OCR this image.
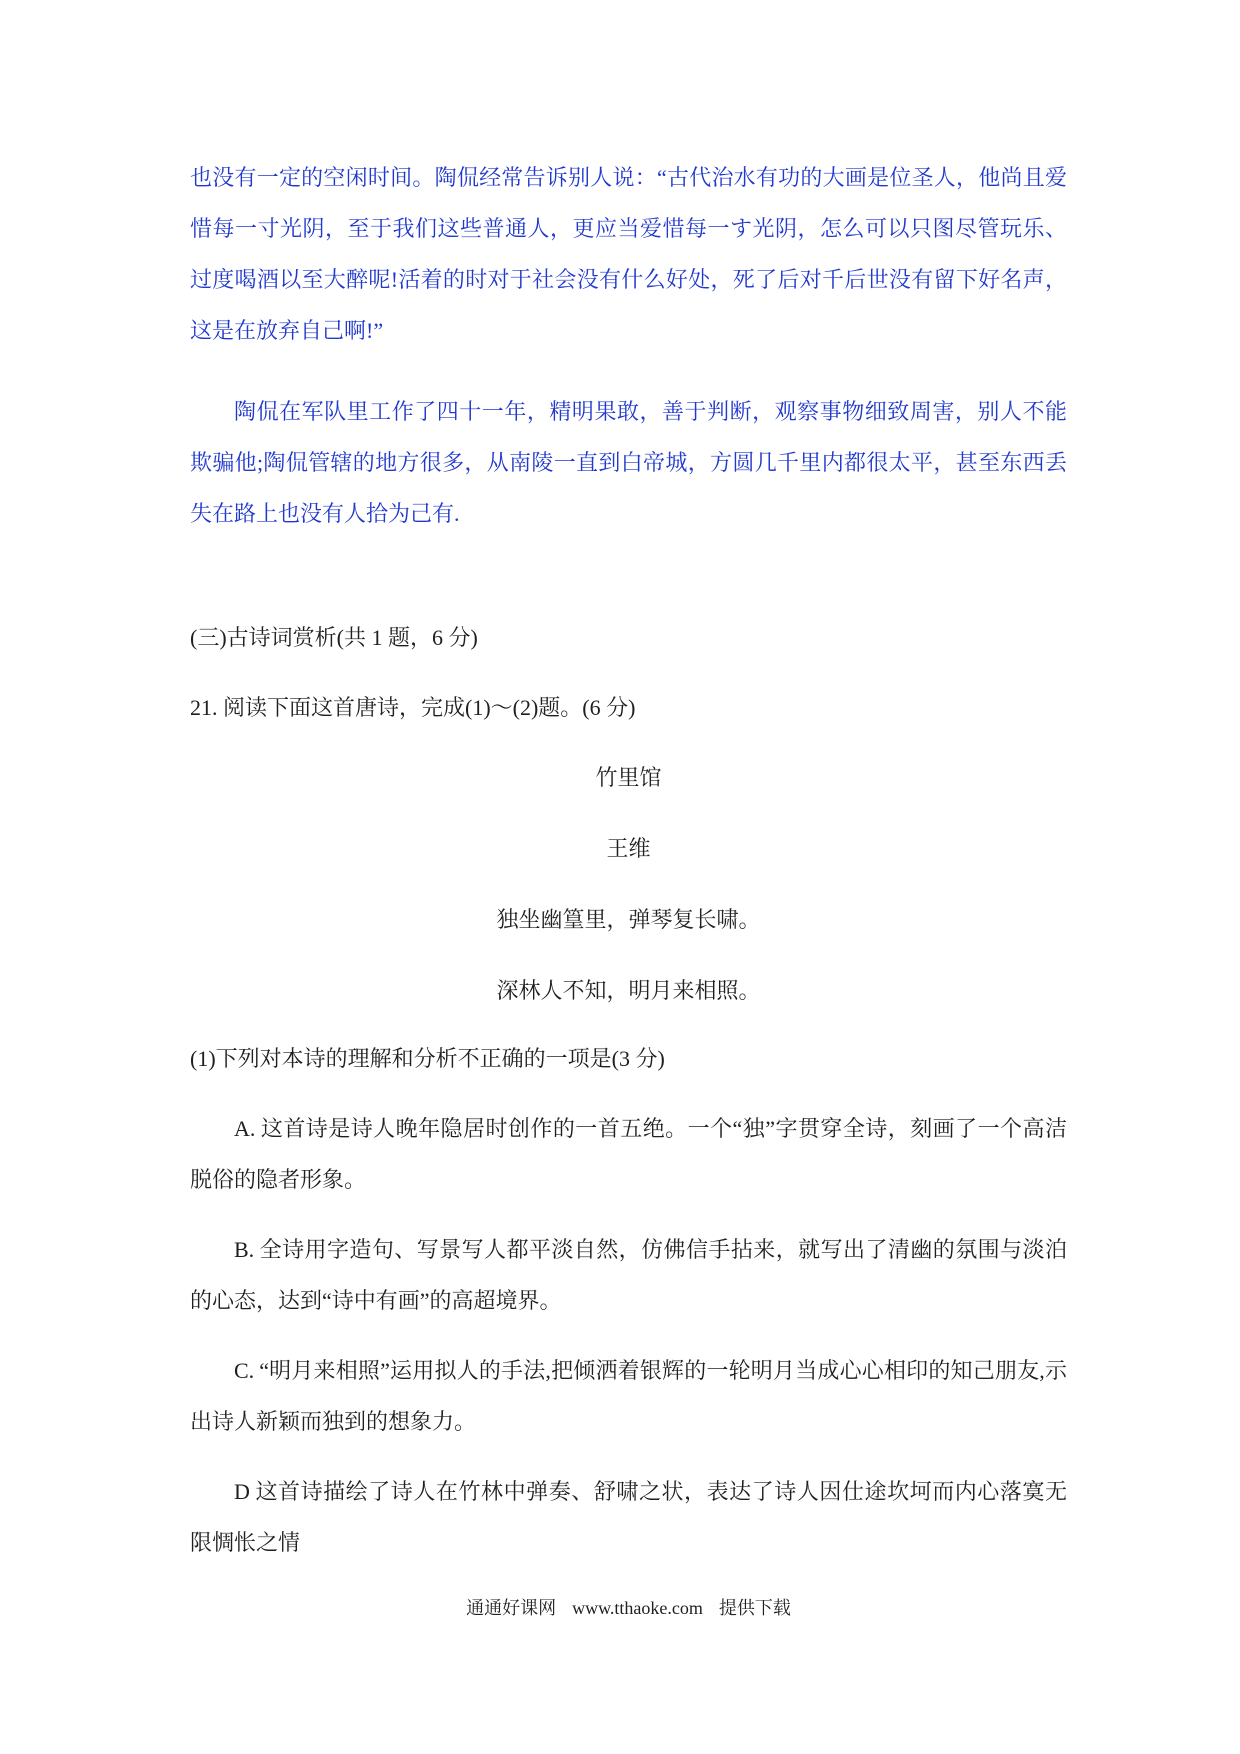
也没有一定的空闲时间。陶侃经常告诉别人说：“古代治水有功的大画是位圣人，他尚且爱惜每一寸光阴，至于我们这些普通人，更应当爱惜每一す光阴，怎么可以只图尽管玩乐、过度喝酒以至大醉呢!活着的时对于社会没有什么好处，死了后对千后世没有留下好名声，这是在放弃自己啊!”

陶侃在军队里工作了四十一年，精明果敢，善于判断，观察事物细致周害，别人不能欺骗他;陶侃管辖的地方很多，从南陵一直到白帝城，方圆几千里内都很太平，甚至东西丢失在路上也没有人拾为己有.

(三)古诗词赏析(共 1 题，6 分)

21. 阅读下面这首唐诗，完成(1)～(2)题。(6 分)

竹里馆

王维

独坐幽篁里，弹琴复长啸。

深林人不知，明月来相照。

(1)下列对本诗的理解和分析不正确的一项是(3 分)

A. 这首诗是诗人晚年隐居时创作的一首五绝。一个“独”字贯穿全诗，刻画了一个高洁脱俗的隐者形象。

B. 全诗用字造句、写景写人都平淡自然，仿佛信手拈来，就写出了清幽的氛围与淡泊的心态，达到“诗中有画”的高超境界。

C. “明月来相照”运用拟人的手法,把倾洒着银辉的一轮明月当成心心相印的知己朋友,示出诗人新颖而独到的想象力。

D 这首诗描绘了诗人在竹林中弹奏、舒啸之状，表达了诗人因仕途坎坷而内心落寞无限惆怅之情

通通好课网 www.tthaoke.com 提供下载
